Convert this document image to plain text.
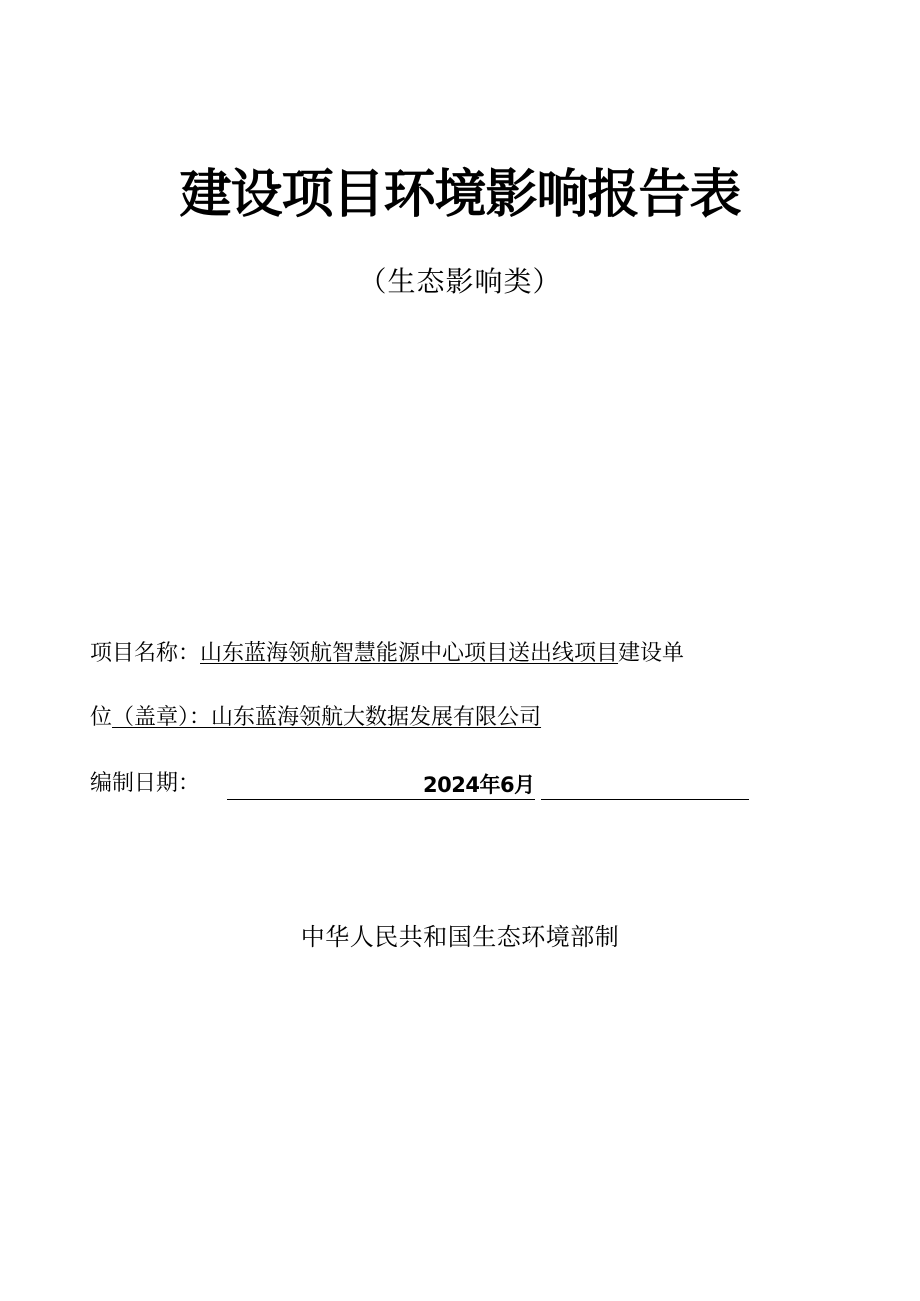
建设项目环境影响报告表
（生态影响类）
项目名称：山东蓝海领航智慧能源中心项目送出线项目建设单
位（盖章）：山东蓝海领航大数据发展有限公司
编制日期：	2024年6月
中华人民共和国生态环境部制
